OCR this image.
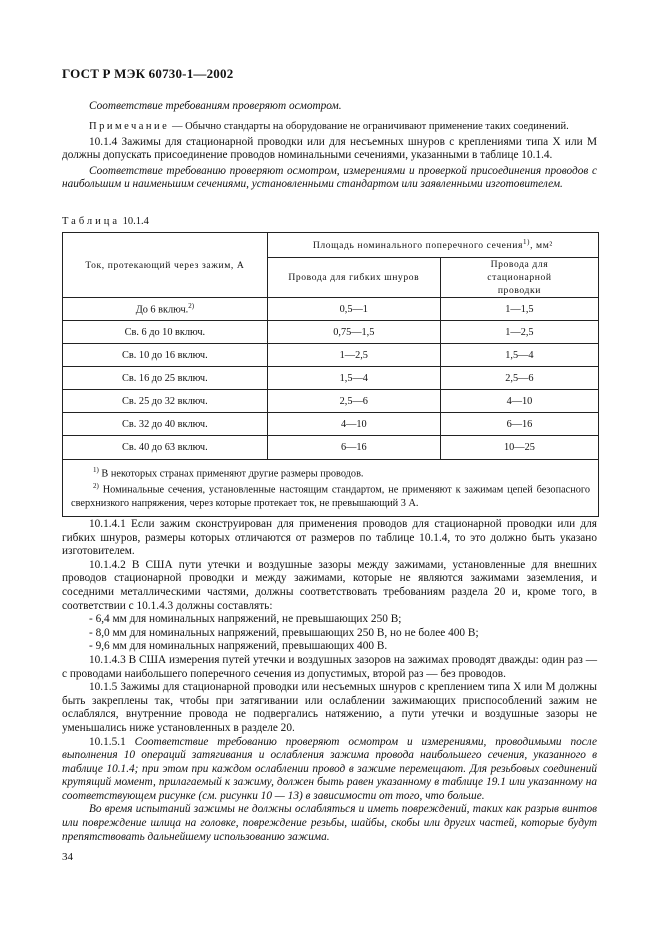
ГОСТ Р МЭК 60730-1—2002

Соответствие требованиям проверяют осмотром.

Примечание — Обычно стандарты на оборудование не ограничивают применение таких соединений.

10.1.4 Зажимы для стационарной проводки или для несъемных шнуров с креплениями типа X или M должны допускать присоединение проводов номинальными сечениями, указанными в таблице 10.1.4.

Соответствие требованию проверяют осмотром, измерениями и проверкой присоединения проводов с наибольшим и наименьшим сечениями, установленными стандартом или заявленными изготовителем.

Таблица 10.1.4
Ток, протекающий через зажим, А	Площадь номинального поперечного сечения$^{1)}$, мм²	
	Провода для гибких шнуров	Провода для стационарной проводки
До 6 включ.$^{2)}$	0,5—1	1—1,5
Св. 6 до 10 включ.	0,75—1,5	1—2,5
Св. 10 до 16 включ.	1—2,5	1,5—4
Св. 16 до 25 включ.	1,5—4	2,5—6
Св. 25 до 32 включ.	2,5—6	4—10
Св. 32 до 40 включ.	4—10	6—16
Св. 40 до 63 включ.	6—16	10—25

$^{1)}$ В некоторых странах применяют другие размеры проводов.
$^{2)}$ Номинальные сечения, установленные настоящим стандартом, не применяют к зажимам цепей безопасного сверхнизкого напряжения, через которые протекает ток, не превышающий 3 А.		

10.1.4.1 Если зажим сконструирован для применения проводов для стационарной проводки или для гибких шнуров, размеры которых отличаются от размеров по таблице 10.1.4, то это должно быть указано изготовителем.

10.1.4.2 В США пути утечки и воздушные зазоры между зажимами, установленные для внешних проводов стационарной проводки и между зажимами, которые не являются зажимами заземления, и соседними металлическими частями, должны соответствовать требованиям раздела 20 и, кроме того, в соответствии с 10.1.4.3 должны составлять:

- 6,4 мм для номинальных напряжений, не превышающих 250 В;

- 8,0 мм для номинальных напряжений, превышающих 250 В, но не более 400 В;

- 9,6 мм для номинальных напряжений, превышающих 400 В.

10.1.4.3 В США измерения путей утечки и воздушных зазоров на зажимах проводят дважды: один раз — с проводами наибольшего поперечного сечения из допустимых, второй раз — без проводов.

10.1.5 Зажимы для стационарной проводки или несъемных шнуров с креплением типа X или M должны быть закреплены так, чтобы при затягивании или ослаблении зажимающих приспособлений зажим не ослаблялся, внутренние провода не подвергались натяжению, а пути утечки и воздушные зазоры не уменьшались ниже установленных в разделе 20.

10.1.5.1 Соответствие требованию проверяют осмотром и измерениями, проводимыми после выполнения 10 операций затягивания и ослабления зажима провода наибольшего сечения, указанного в таблице 10.1.4; при этом при каждом ослаблении провод в зажиме перемещают. Для резьбовых соединений крутящий момент, прилагаемый к зажиму, должен быть равен указанному в таблице 19.1 или указанному на соответствующем рисунке (см. рисунки 10 — 13) в зависимости от того, что больше.

Во время испытаний зажимы не должны ослабляться и иметь повреждений, таких как разрыв винтов или повреждение шлица на головке, повреждение резьбы, шайбы, скобы или других частей, которые будут препятствовать дальнейшему использованию зажима.

34
